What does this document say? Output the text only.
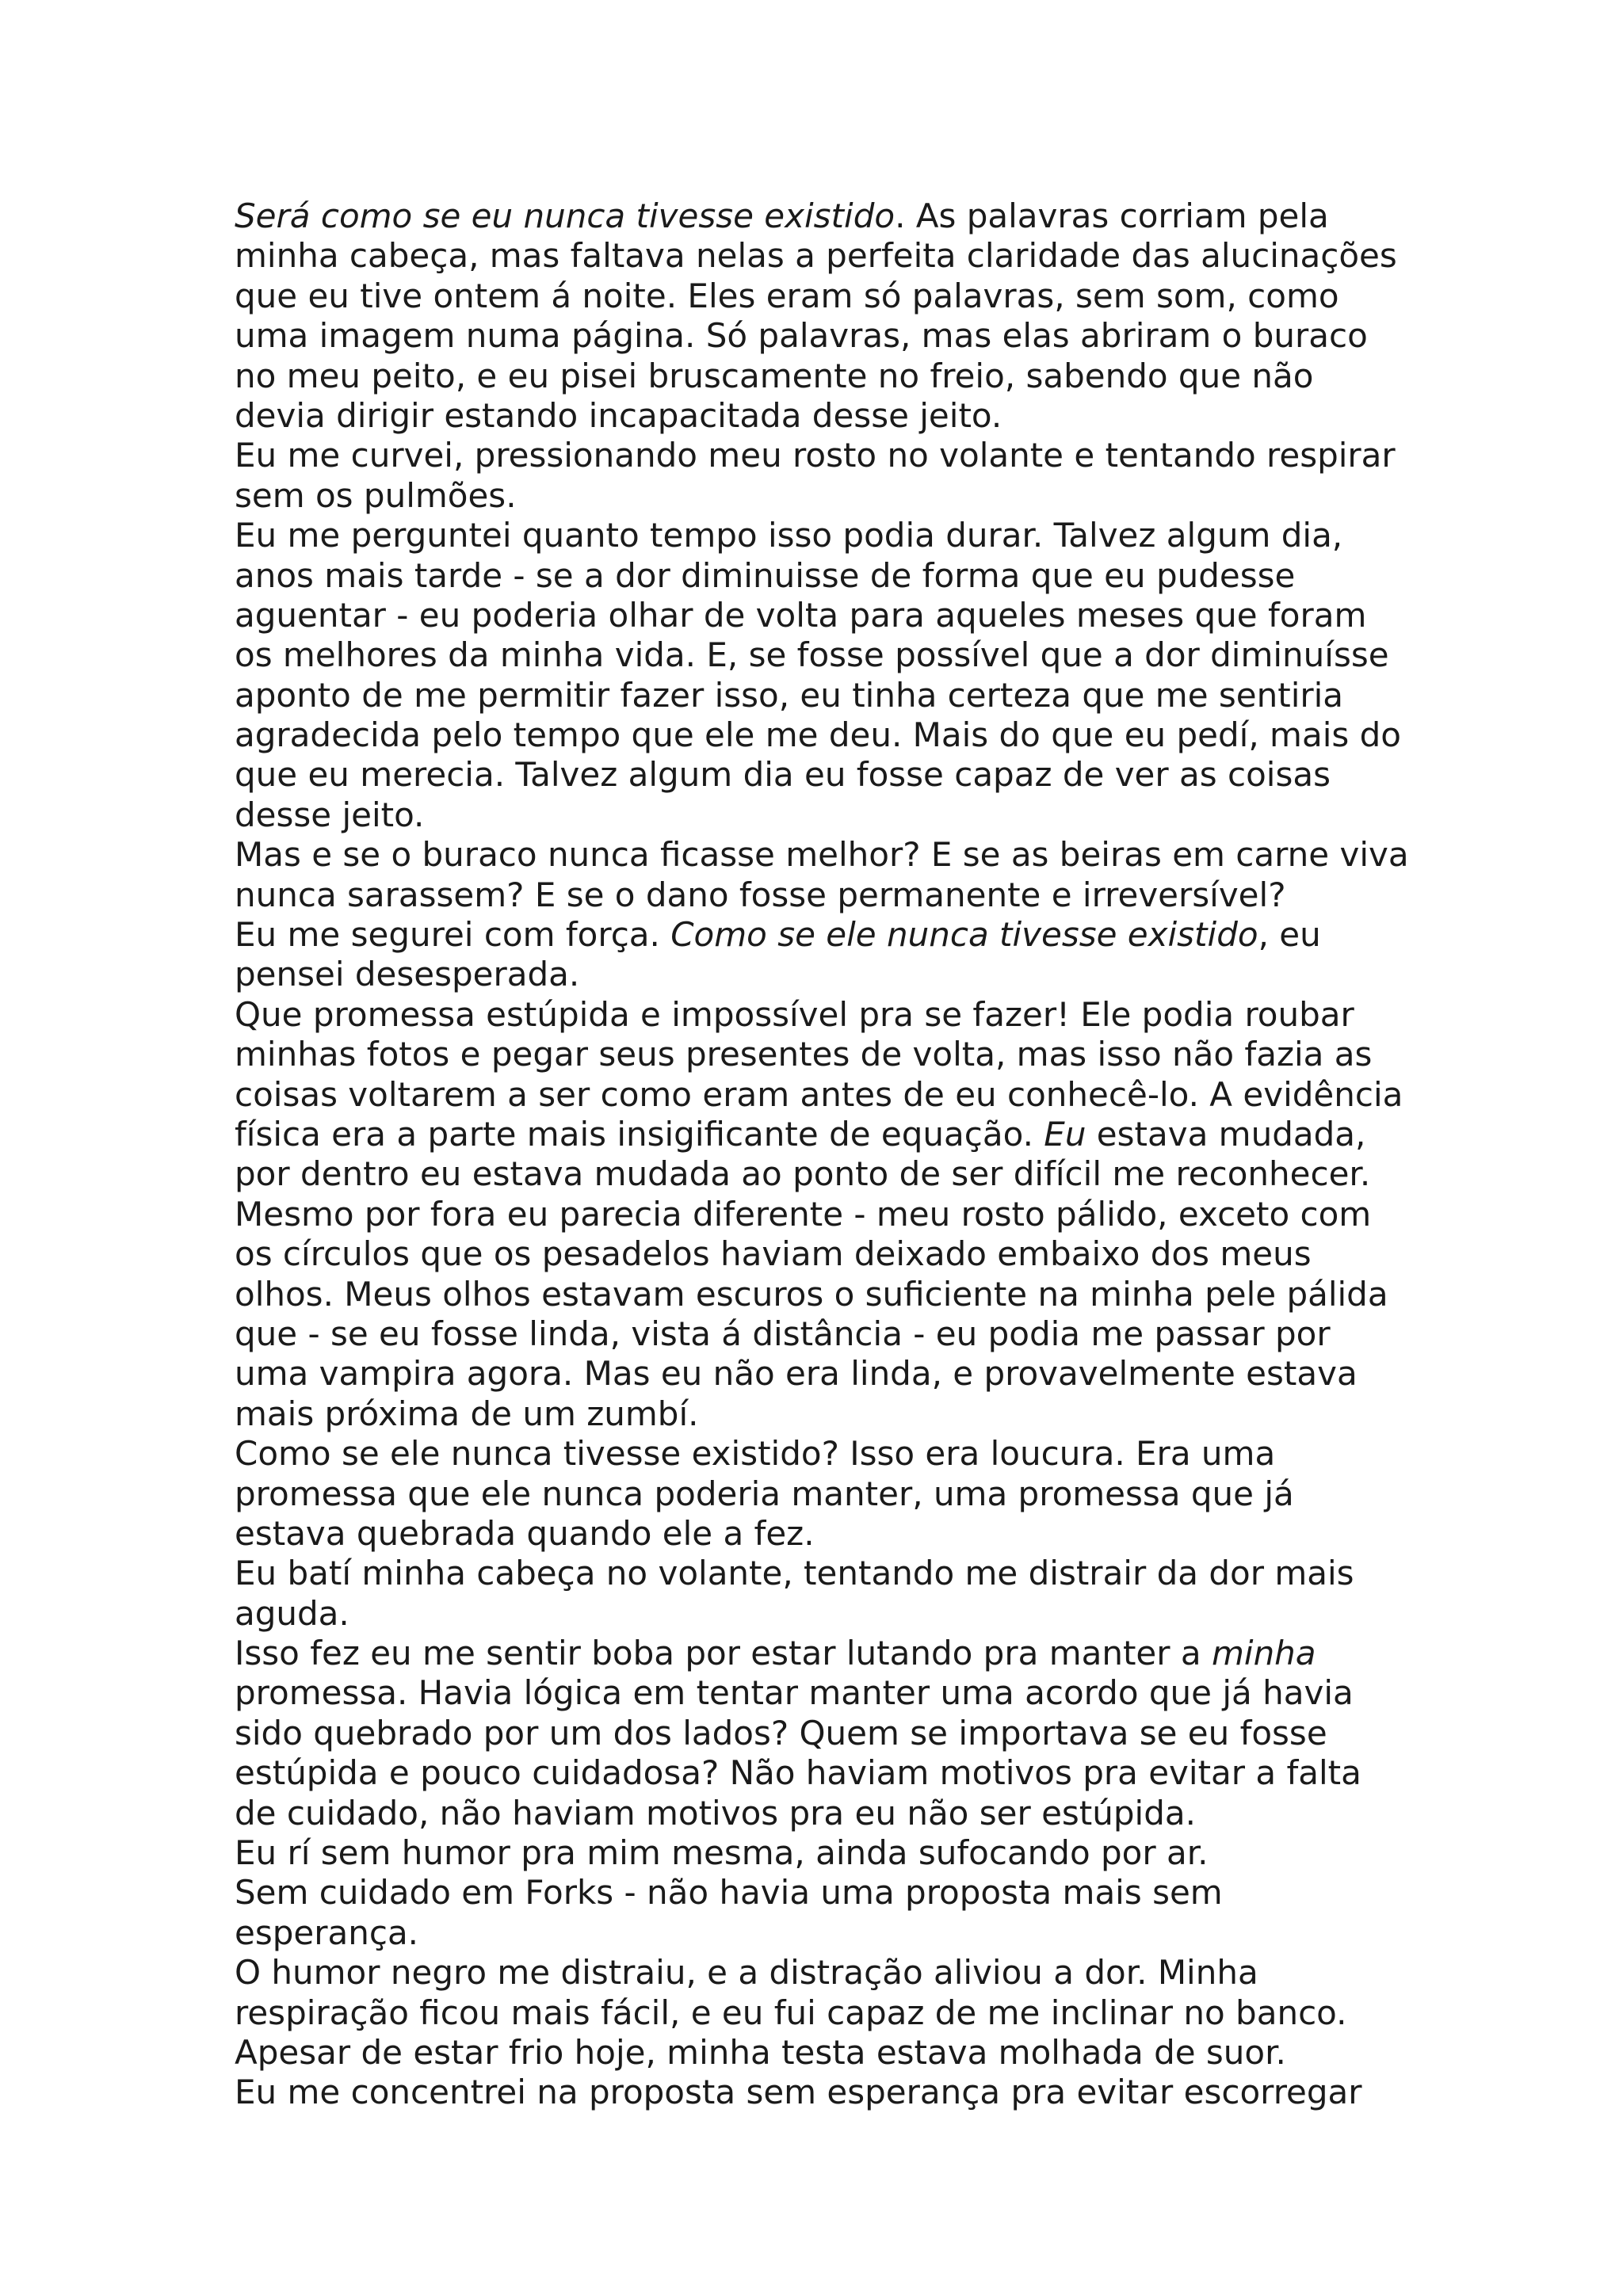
Será como se eu nunca tivesse existido. As palavras corriam pela
minha cabeça, mas faltava nelas a perfeita claridade das alucinações
que eu tive ontem á noite. Eles eram só palavras, sem som, como
uma imagem numa página. Só palavras, mas elas abriram o buraco
no meu peito, e eu pisei bruscamente no freio, sabendo que não
devia dirigir estando incapacitada desse jeito.
Eu me curvei, pressionando meu rosto no volante e tentando respirar
sem os pulmões.
Eu me perguntei quanto tempo isso podia durar. Talvez algum dia,
anos mais tarde - se a dor diminuisse de forma que eu pudesse
aguentar - eu poderia olhar de volta para aqueles meses que foram
os melhores da minha vida. E, se fosse possível que a dor diminuísse
aponto de me permitir fazer isso, eu tinha certeza que me sentiria
agradecida pelo tempo que ele me deu. Mais do que eu pedí, mais do
que eu merecia. Talvez algum dia eu fosse capaz de ver as coisas
desse jeito.
Mas e se o buraco nunca ficasse melhor? E se as beiras em carne viva
nunca sarassem? E se o dano fosse permanente e irreversível?
Eu me segurei com força. Como se ele nunca tivesse existido, eu
pensei desesperada.
Que promessa estúpida e impossível pra se fazer! Ele podia roubar
minhas fotos e pegar seus presentes de volta, mas isso não fazia as
coisas voltarem a ser como eram antes de eu conhecê-lo. A evidência
física era a parte mais insigificante de equação. Eu estava mudada,
por dentro eu estava mudada ao ponto de ser difícil me reconhecer.
Mesmo por fora eu parecia diferente - meu rosto pálido, exceto com
os círculos que os pesadelos haviam deixado embaixo dos meus
olhos. Meus olhos estavam escuros o suficiente na minha pele pálida
que - se eu fosse linda, vista á distância - eu podia me passar por
uma vampira agora. Mas eu não era linda, e provavelmente estava
mais próxima de um zumbí.
Como se ele nunca tivesse existido? Isso era loucura. Era uma
promessa que ele nunca poderia manter, uma promessa que já
estava quebrada quando ele a fez.
Eu batí minha cabeça no volante, tentando me distrair da dor mais
aguda.
Isso fez eu me sentir boba por estar lutando pra manter a minha
promessa. Havia lógica em tentar manter uma acordo que já havia
sido quebrado por um dos lados? Quem se importava se eu fosse
estúpida e pouco cuidadosa? Não haviam motivos pra evitar a falta
de cuidado, não haviam motivos pra eu não ser estúpida.
Eu rí sem humor pra mim mesma, ainda sufocando por ar.
Sem cuidado em Forks - não havia uma proposta mais sem
esperança.
O humor negro me distraiu, e a distração aliviou a dor. Minha
respiração ficou mais fácil, e eu fui capaz de me inclinar no banco.
Apesar de estar frio hoje, minha testa estava molhada de suor.
Eu me concentrei na proposta sem esperança pra evitar escorregar
